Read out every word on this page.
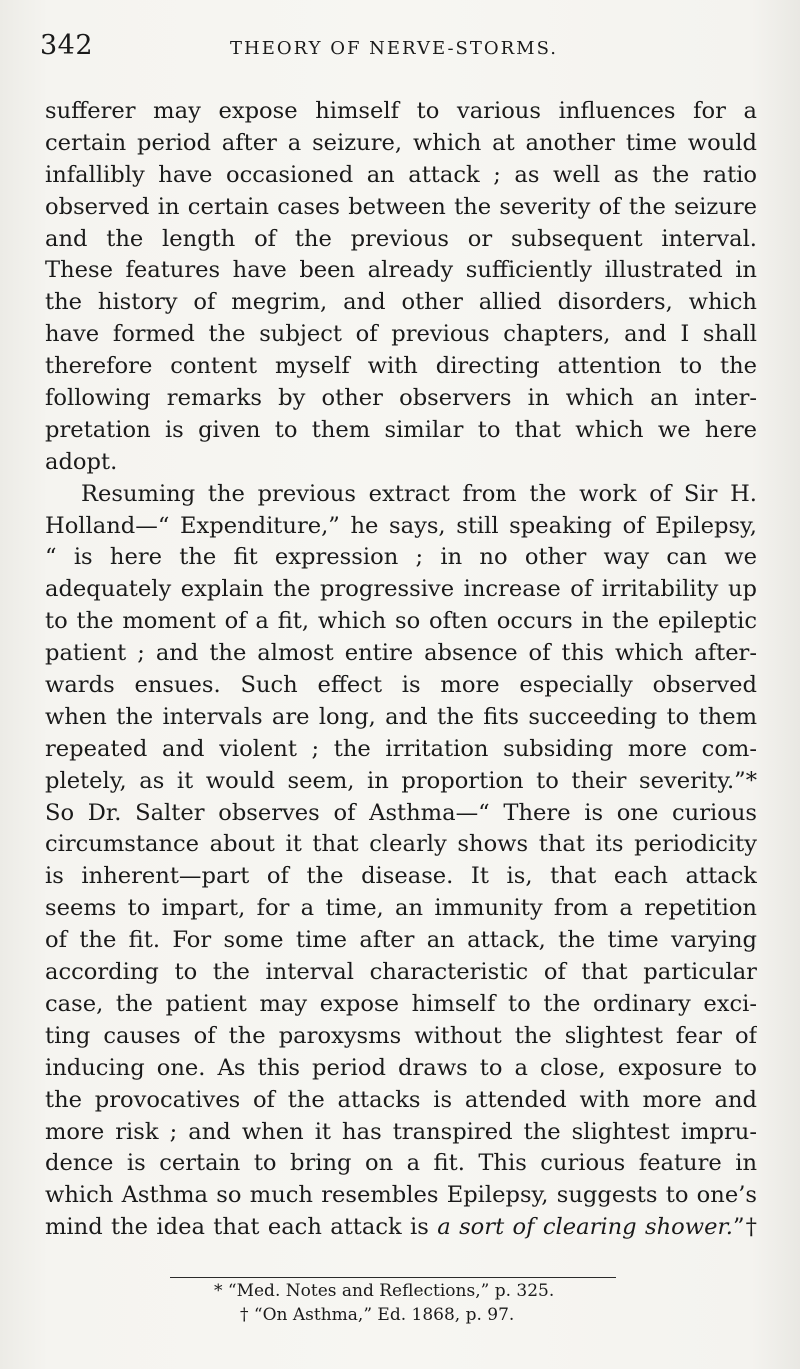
342	THEORY OF NERVE-STORMS.
sufferer may expose himself to various influences for a
certain period after a seizure, which at another time would
infallibly have occasioned an attack ; as well as the ratio
observed in certain cases between the severity of the seizure
and the length of the previous or subsequent interval.
These features have been already sufficiently illustrated in
the history of megrim, and other allied disorders, which
have formed the subject of previous chapters, and I shall
therefore content myself with directing attention to the
following remarks by other observers in which an inter-
pretation is given to them similar to that which we here
adopt.
Resuming the previous extract from the work of Sir H.
Holland—“ Expenditure,” he says, still speaking of Epilepsy,
“ is here the fit expression ; in no other way can we
adequately explain the progressive increase of irritability up
to the moment of a fit, which so often occurs in the epileptic
patient ; and the almost entire absence of this which after-
wards ensues. Such effect is more especially observed
when the intervals are long, and the fits succeeding to them
repeated and violent ; the irritation subsiding more com-
pletely, as it would seem, in proportion to their severity.”*
So Dr. Salter observes of Asthma—“ There is one curious
circumstance about it that clearly shows that its periodicity
is inherent—part of the disease. It is, that each attack
seems to impart, for a time, an immunity from a repetition
of the fit. For some time after an attack, the time varying
according to the interval characteristic of that particular
case, the patient may expose himself to the ordinary exci-
ting causes of the paroxysms without the slightest fear of
inducing one. As this period draws to a close, exposure to
the provocatives of the attacks is attended with more and
more risk ; and when it has transpired the slightest impru-
dence is certain to bring on a fit. This curious feature in
which Asthma so much resembles Epilepsy, suggests to one’s
mind the idea that each attack is a sort of clearing shower.”†
* “Med. Notes and Reflections,” p. 325.
† “On Asthma,” Ed. 1868, p. 97.
